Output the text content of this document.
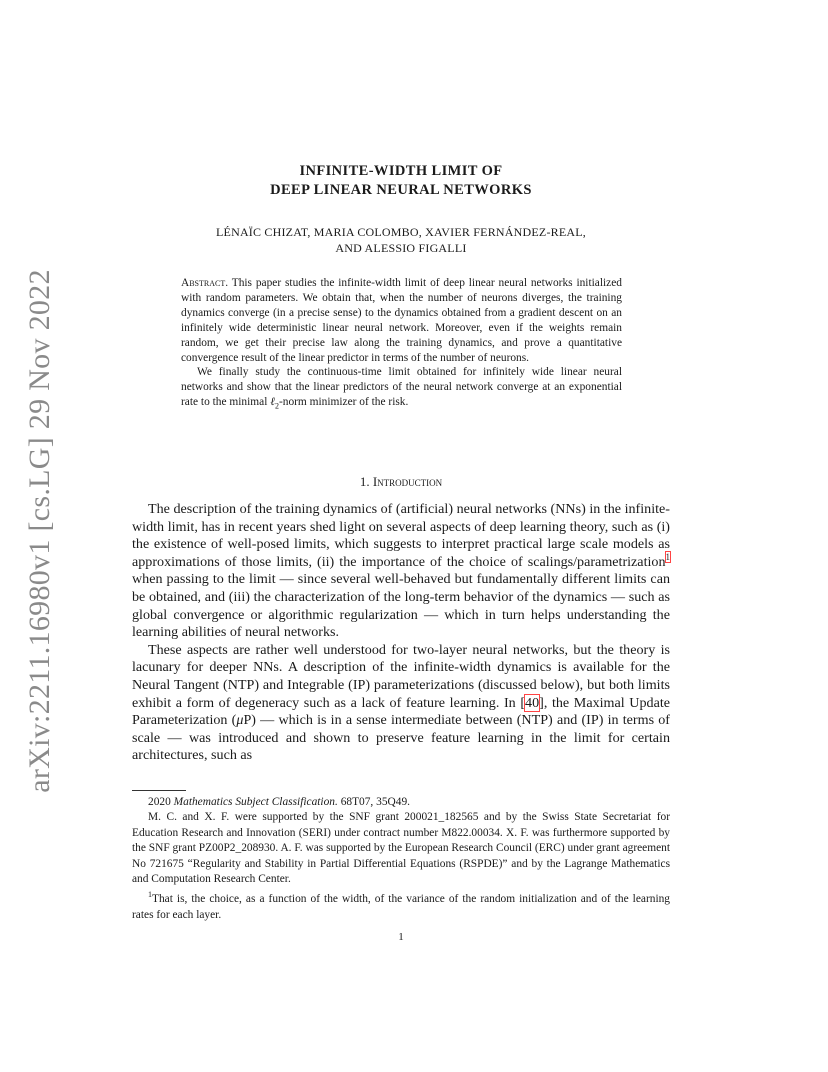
arXiv:2211.16980v1 [cs.LG] 29 Nov 2022
INFINITE-WIDTH LIMIT OF
DEEP LINEAR NEURAL NETWORKS
LÉNAÏC CHIZAT, MARIA COLOMBO, XAVIER FERNÁNDEZ-REAL,
AND ALESSIO FIGALLI

Abstract. This paper studies the infinite-width limit of deep linear neural networks initialized with random parameters. We obtain that, when the number of neurons diverges, the training dynamics converge (in a precise sense) to the dynamics obtained from a gradient descent on an infinitely wide deterministic linear neural network. Moreover, even if the weights remain random, we get their precise law along the training dynamics, and prove a quantitative convergence result of the linear predictor in terms of the number of neurons.

We finally study the continuous-time limit obtained for infinitely wide linear neural networks and show that the linear predictors of the neural network converge at an exponential rate to the minimal ℓ$_2$-norm minimizer of the risk.

1. Introduction

The description of the training dynamics of (artificial) neural networks (NNs) in the infinite-width limit, has in recent years shed light on several aspects of deep learning theory, such as (i) the existence of well-posed limits, which suggests to interpret practical large scale models as approximations of those limits, (ii) the importance of the choice of scalings/parametrization$^1$ when passing to the limit — since several well-behaved but fundamentally different limits can be obtained, and (iii) the characterization of the long-term behavior of the dynamics — such as global convergence or algorithmic regularization — which in turn helps understanding the learning abilities of neural networks.

These aspects are rather well understood for two-layer neural networks, but the theory is lacunary for deeper NNs. A description of the infinite-width dynamics is available for the Neural Tangent (NTP) and Integrable (IP) parameterizations (discussed below), but both limits exhibit a form of degeneracy such as a lack of feature learning. In [40], the Maximal Update Parameterization (μP) — which is in a sense intermediate between (NTP) and (IP) in terms of scale — was introduced and shown to preserve feature learning in the limit for certain architectures, such as

2020 Mathematics Subject Classification. 68T07, 35Q49.

M. C. and X. F. were supported by the SNF grant 200021_182565 and by the Swiss State Secretariat for Education Research and Innovation (SERI) under contract number M822.00034. X. F. was furthermore supported by the SNF grant PZ00P2_208930. A. F. was supported by the European Research Council (ERC) under grant agreement No 721675 “Regularity and Stability in Partial Differential Equations (RSPDE)” and by the Lagrange Mathematics and Computation Research Center.

$^1$That is, the choice, as a function of the width, of the variance of the random initialization and of the learning rates for each layer.

1
